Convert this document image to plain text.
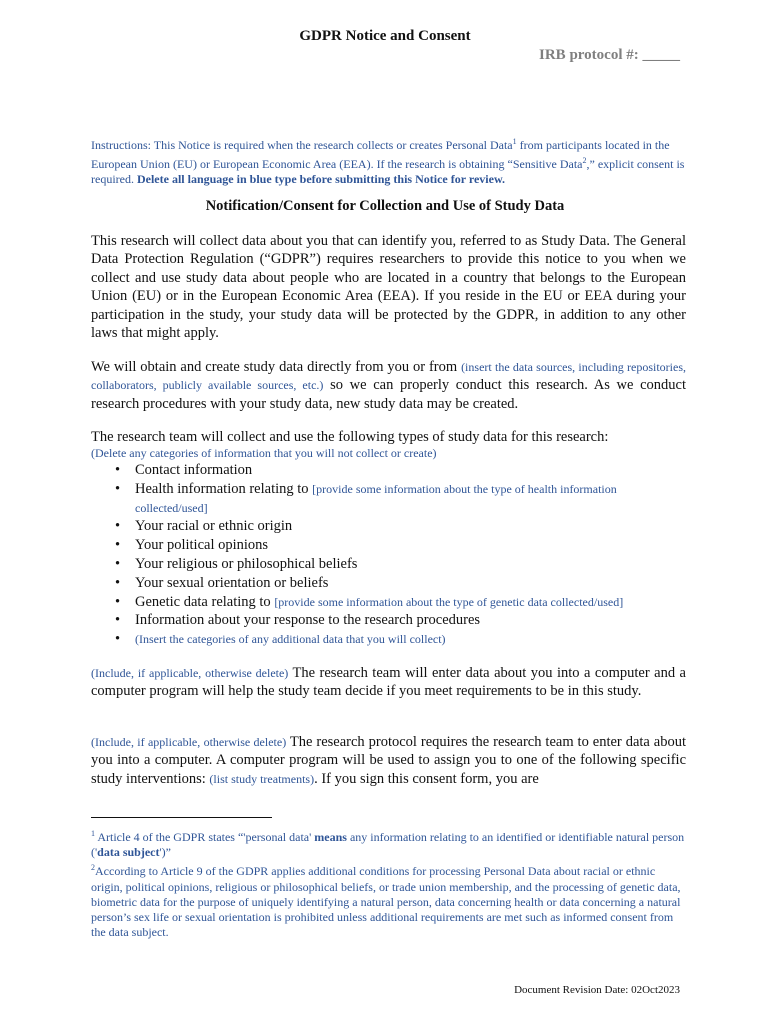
GDPR Notice and Consent
IRB protocol #: _____
Instructions: This Notice is required when the research collects or creates Personal Data$^1$ from participants located in the European Union (EU) or European Economic Area (EEA). If the research is obtaining “Sensitive Data$^2$,” explicit consent is required. Delete all language in blue type before submitting this Notice for review.
Notification/Consent for Collection and Use of Study Data
This research will collect data about you that can identify you, referred to as Study Data. The General Data Protection Regulation (“GDPR”) requires researchers to provide this notice to you when we collect and use study data about people who are located in a country that belongs to the European Union (EU) or in the European Economic Area (EEA). If you reside in the EU or EEA during your participation in the study, your study data will be protected by the GDPR, in addition to any other laws that might apply.
We will obtain and create study data directly from you or from (insert the data sources, including repositories, collaborators, publicly available sources, etc.) so we can properly conduct this research. As we conduct research procedures with your study data, new study data may be created.
The research team will collect and use the following types of study data for this research:
(Delete any categories of information that you will not collect or create)
• Contact information
• Health information relating to [provide some information about the type of health information collected/used]
• Your racial or ethnic origin
• Your political opinions
• Your religious or philosophical beliefs
• Your sexual orientation or beliefs
• Genetic data relating to [provide some information about the type of genetic data collected/used]
• Information about your response to the research procedures
• (Insert the categories of any additional data that you will collect)
(Include, if applicable, otherwise delete) The research team will enter data about you into a computer and a computer program will help the study team decide if you meet requirements to be in this study.
(Include, if applicable, otherwise delete) The research protocol requires the research team to enter data about you into a computer. A computer program will be used to assign you to one of the following specific study interventions: (list study treatments). If you sign this consent form, you are
$^1$ Article 4 of the GDPR states “'personal data' means any information relating to an identified or identifiable natural person ('data subject')”
$^2$According to Article 9 of the GDPR applies additional conditions for processing Personal Data about racial or ethnic origin, political opinions, religious or philosophical beliefs, or trade union membership, and the processing of genetic data, biometric data for the purpose of uniquely identifying a natural person, data concerning health or data concerning a natural person’s sex life or sexual orientation is prohibited unless additional requirements are met such as informed consent from the data subject.
Document Revision Date: 02Oct2023
